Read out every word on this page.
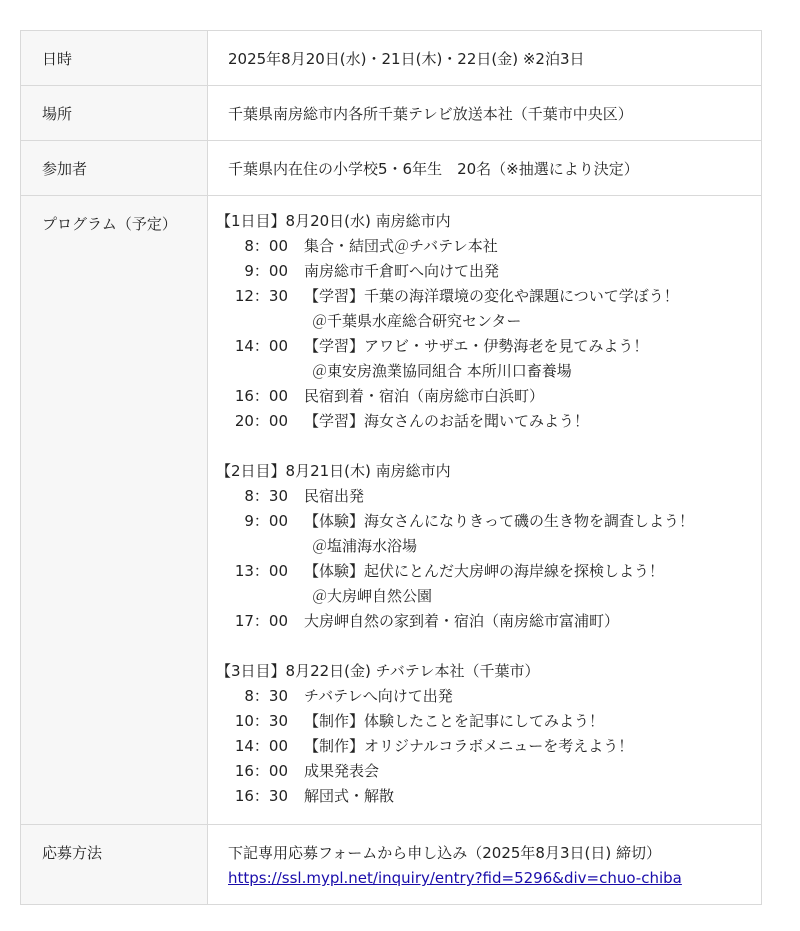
日時	2025年8月20日(水)・21日(木)・22日(金) ※2泊3日
場所	千葉県南房総市内各所千葉テレビ放送本社（千葉市中央区）
参加者	千葉県内在住の小学校5・6年生　20名（※抽選により決定）
プログラム（予定）	【1日目】8月20日(水) 南房総市内
8：00	集合・結団式＠チバテレ本社
9：00	南房総市千倉町へ向けて出発
12：30	【学習】千葉の海洋環境の変化や課題について学ぼう！
＠千葉県水産総合研究センター
14：00	【学習】アワビ・サザエ・伊勢海老を見てみよう！
＠東安房漁業協同組合 本所川口畜養場
16：00	民宿到着・宿泊（南房総市白浜町）
20：00	【学習】海女さんのお話を聞いてみよう！
【2日目】8月21日(木) 南房総市内
8：30	民宿出発
9：00	【体験】海女さんになりきって磯の生き物を調査しよう！
＠塩浦海水浴場
13：00	【体験】起伏にとんだ大房岬の海岸線を探検しよう！
＠大房岬自然公園
17：00	大房岬自然の家到着・宿泊（南房総市富浦町）
【3日目】8月22日(金) チバテレ本社（千葉市）
8：30	チバテレへ向けて出発
10：30	【制作】体験したことを記事にしてみよう！
14：00	【制作】オリジナルコラボメニューを考えよう！
16：00	成果発表会
16：30	解団式・解散
応募方法	下記専用応募フォームから申し込み（2025年8月3日(日) 締切）
https://ssl.mypl.net/inquiry/entry?fid=5296&div=chuo-chiba
